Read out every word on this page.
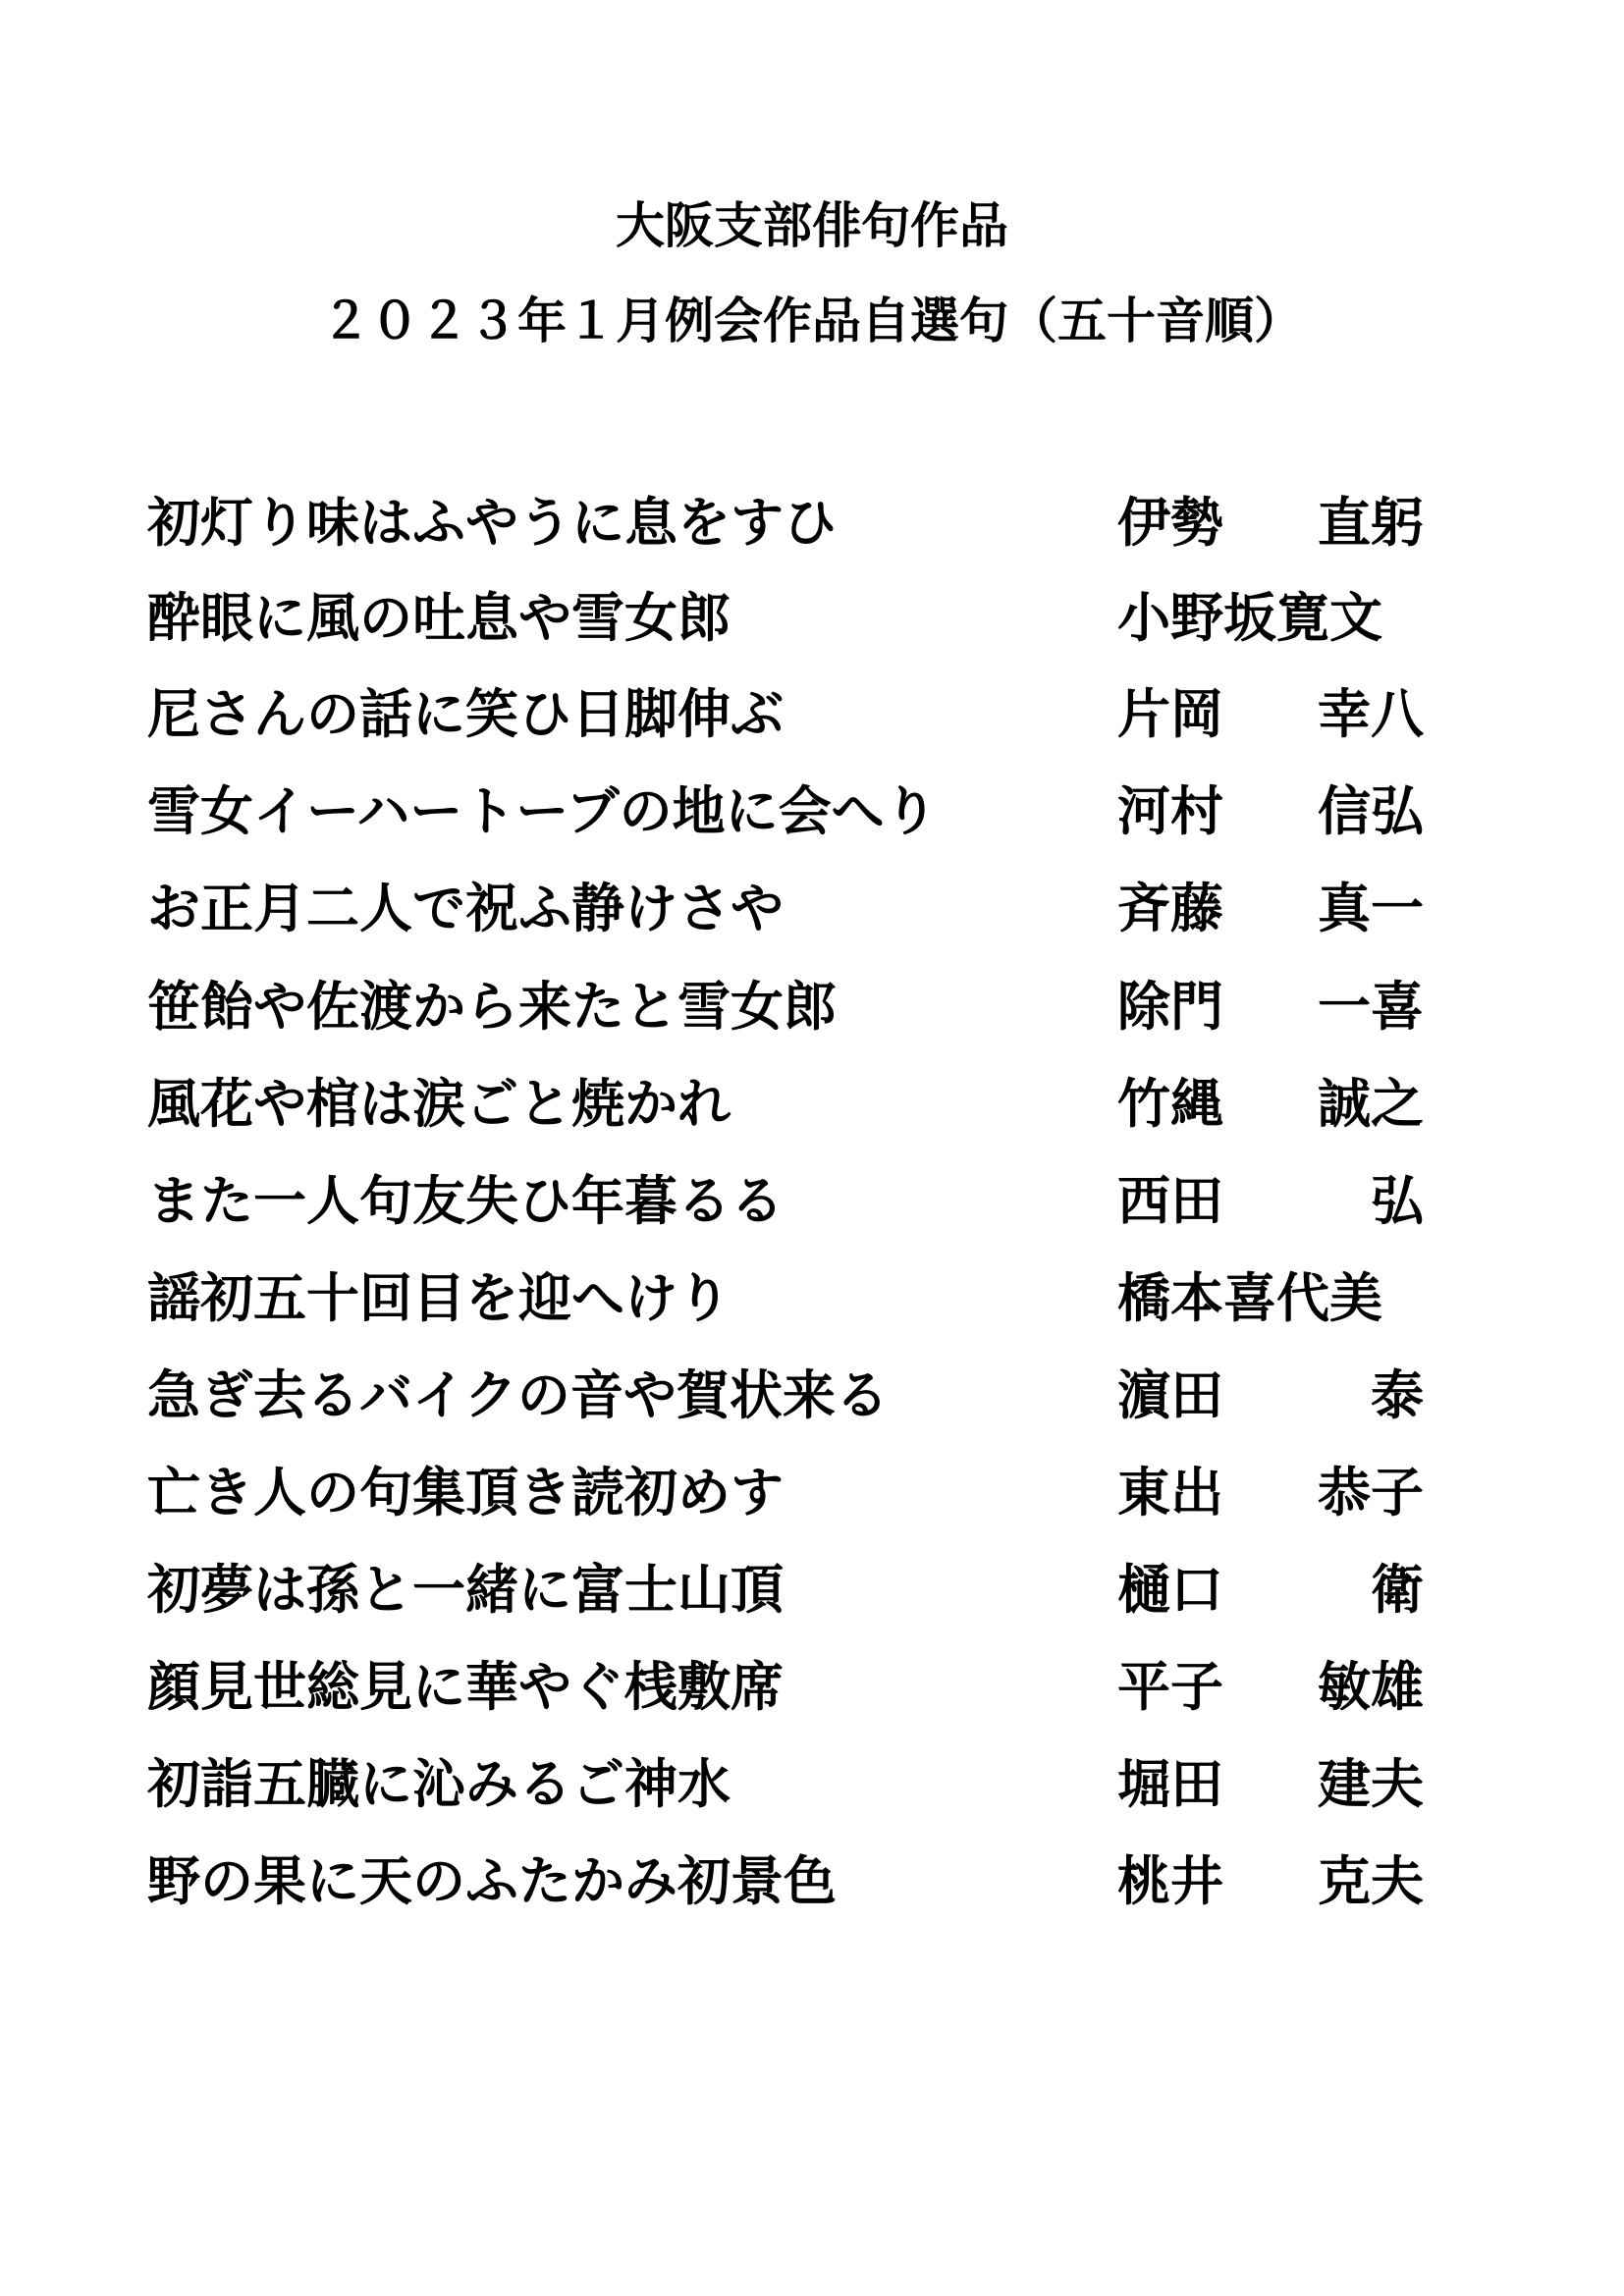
大阪支部俳句作品
２０２３年１月例会作品自選句（五十音順）
初灯り味はふやうに息をすひ	伊勢 直躬
酔眼に風の吐息や雪女郎	小野坂寛文
尼さんの話に笑ひ日脚伸ぶ	片岡 幸八
雪女イーハートーブの地に会へり	河村 信弘
お正月二人で祝ふ静けさや	斉藤 真一
笹飴や佐渡から来たと雪女郎	除門 一喜
風花や棺は涙ごと焼かれ	竹縄 誠之
また一人句友失ひ年暮るる	西田	弘
謡初五十回目を迎へけり	橋本喜代美
急ぎ去るバイクの音や賀状来る	濵田	泰
亡き人の句集頂き読初めす	東出 恭子
初夢は孫と一緒に富士山頂	樋口	衛
顔見世総見に華やぐ桟敷席	平子 敏雄
初詣五臓に沁みるご神水	堀田 建夫
野の果に天のふたかみ初景色	桃井 克夫
